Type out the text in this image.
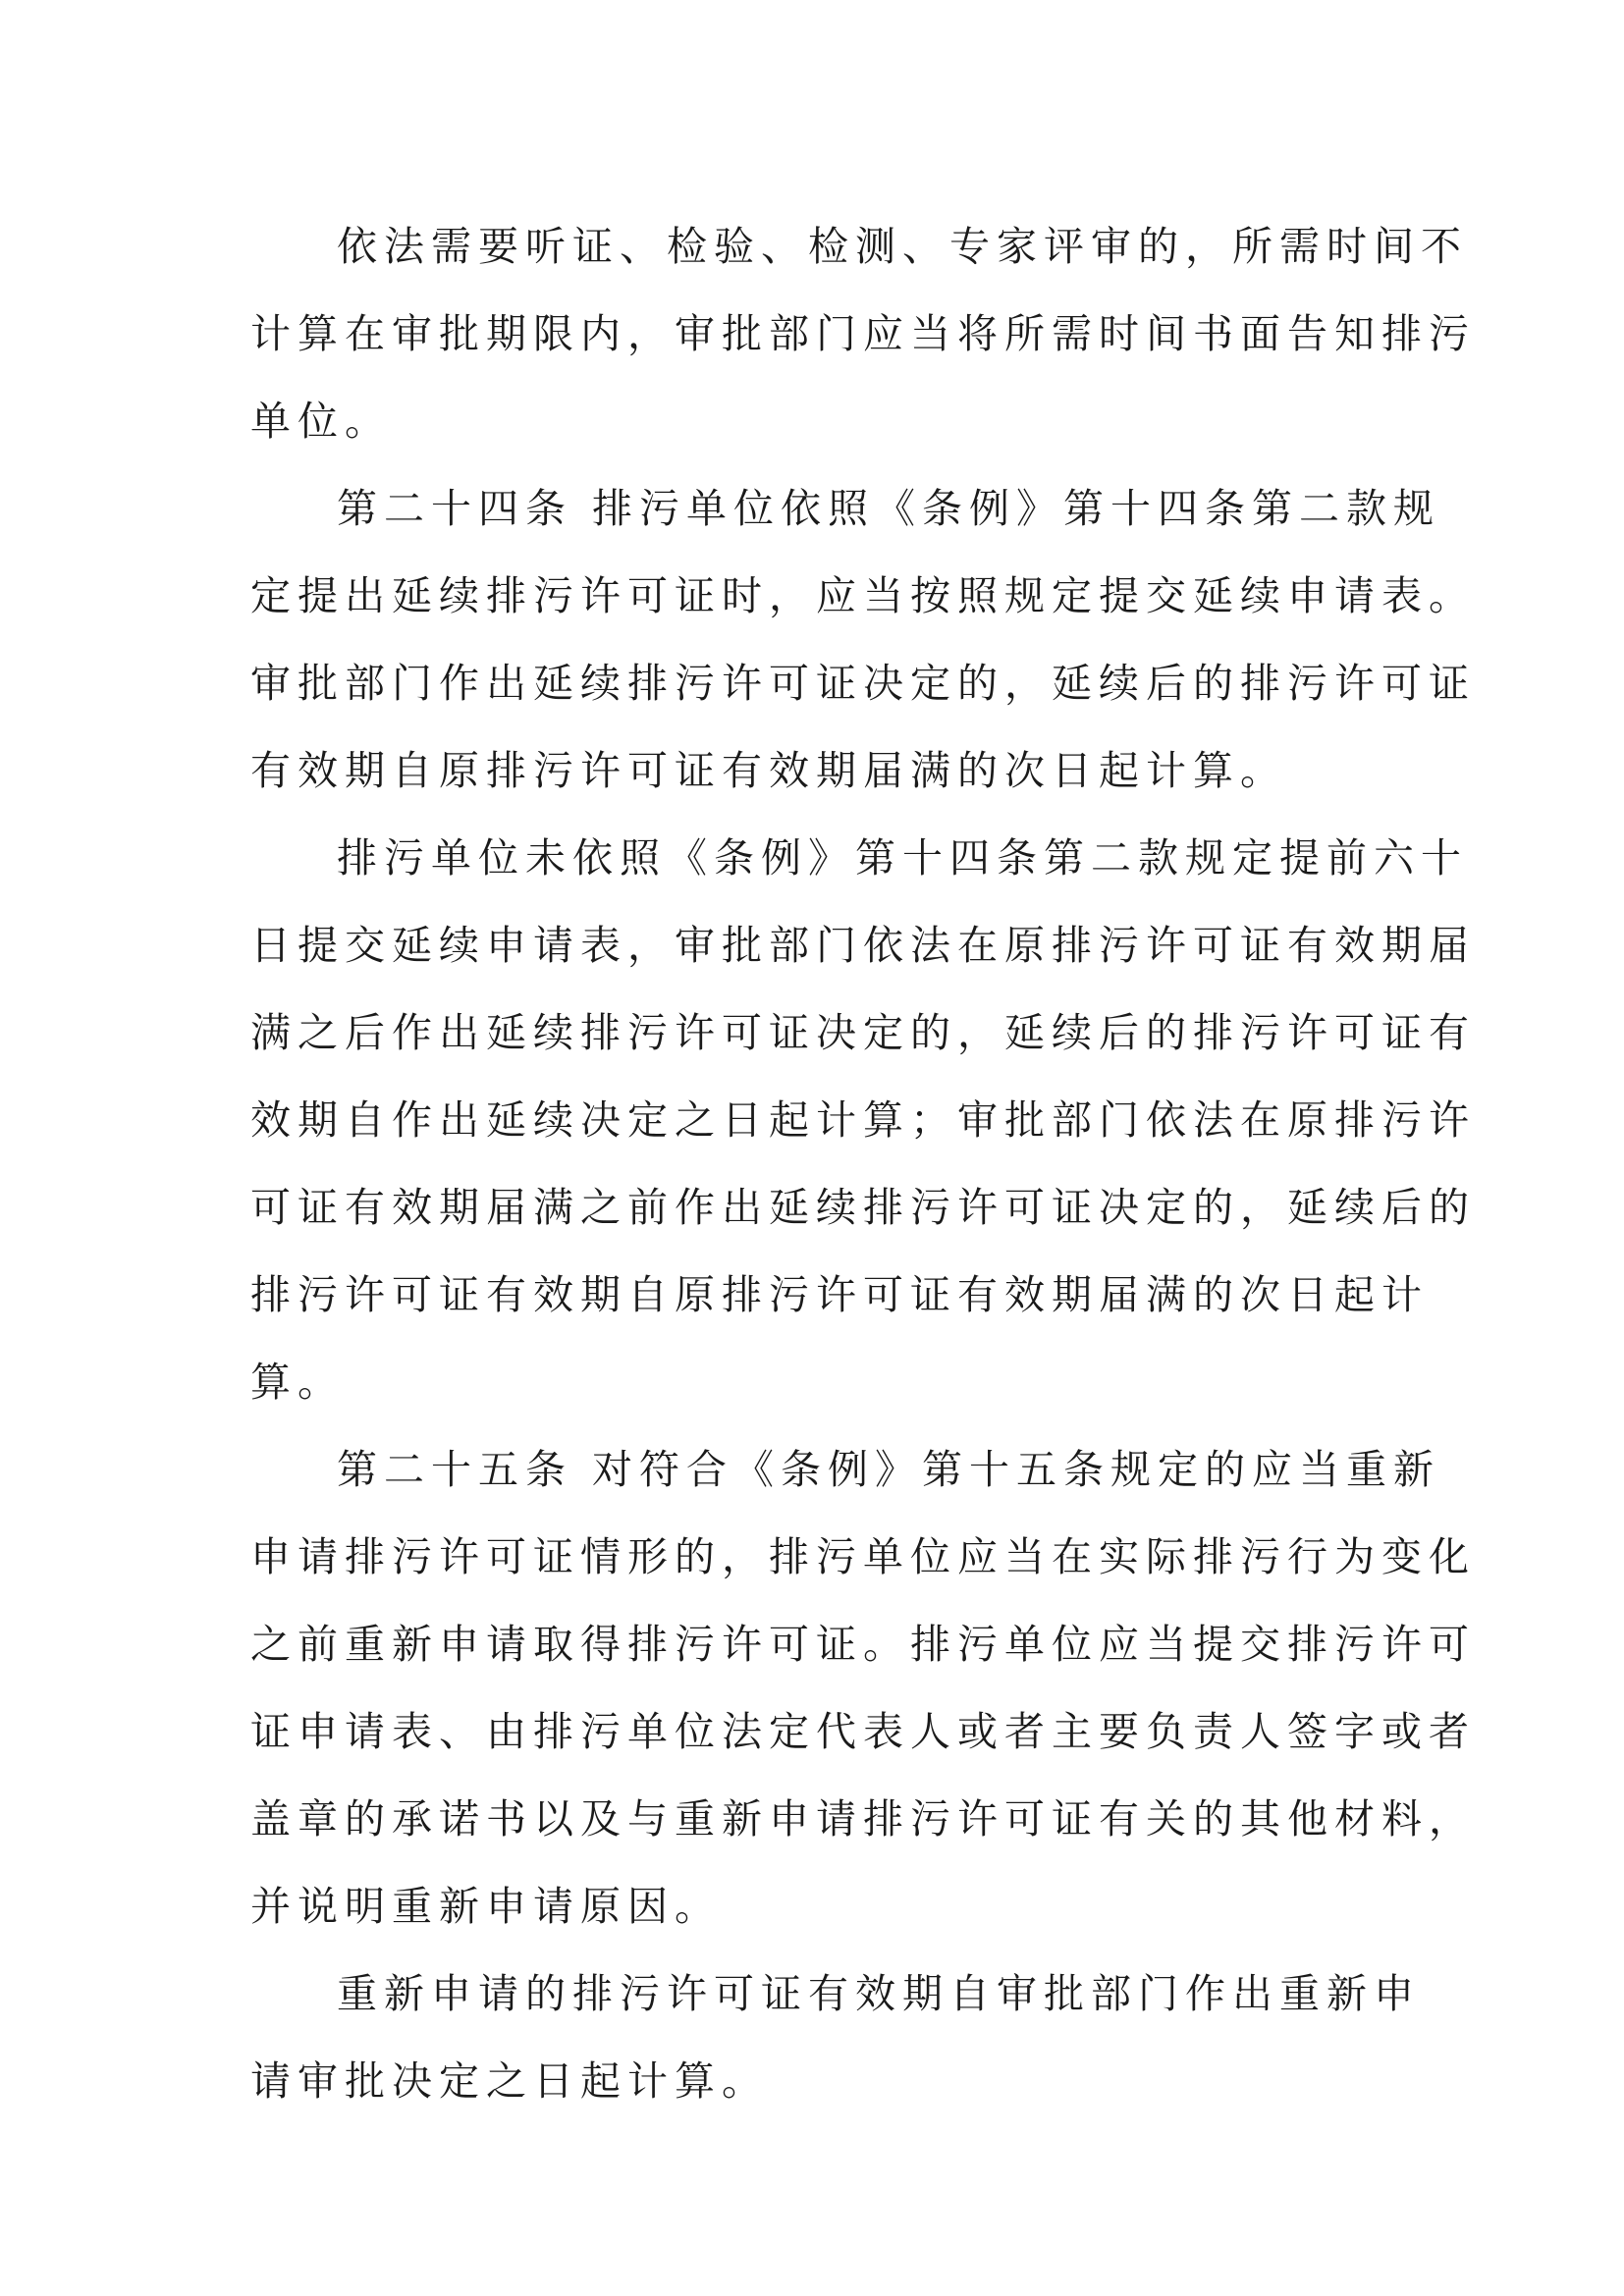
依法需要听证、检验、检测、专家评审的，所需时间不

计算在审批期限内，审批部门应当将所需时间书面告知排污

单位。

第二十四条 排污单位依照《条例》第十四条第二款规

定提出延续排污许可证时，应当按照规定提交延续申请表。

审批部门作出延续排污许可证决定的，延续后的排污许可证

有效期自原排污许可证有效期届满的次日起计算。

排污单位未依照《条例》第十四条第二款规定提前六十

日提交延续申请表，审批部门依法在原排污许可证有效期届

满之后作出延续排污许可证决定的，延续后的排污许可证有

效期自作出延续决定之日起计算；审批部门依法在原排污许

可证有效期届满之前作出延续排污许可证决定的，延续后的

排污许可证有效期自原排污许可证有效期届满的次日起计

算。

第二十五条 对符合《条例》第十五条规定的应当重新

申请排污许可证情形的，排污单位应当在实际排污行为变化

之前重新申请取得排污许可证。排污单位应当提交排污许可

证申请表、由排污单位法定代表人或者主要负责人签字或者

盖章的承诺书以及与重新申请排污许可证有关的其他材料，

并说明重新申请原因。

重新申请的排污许可证有效期自审批部门作出重新申

请审批决定之日起计算。
